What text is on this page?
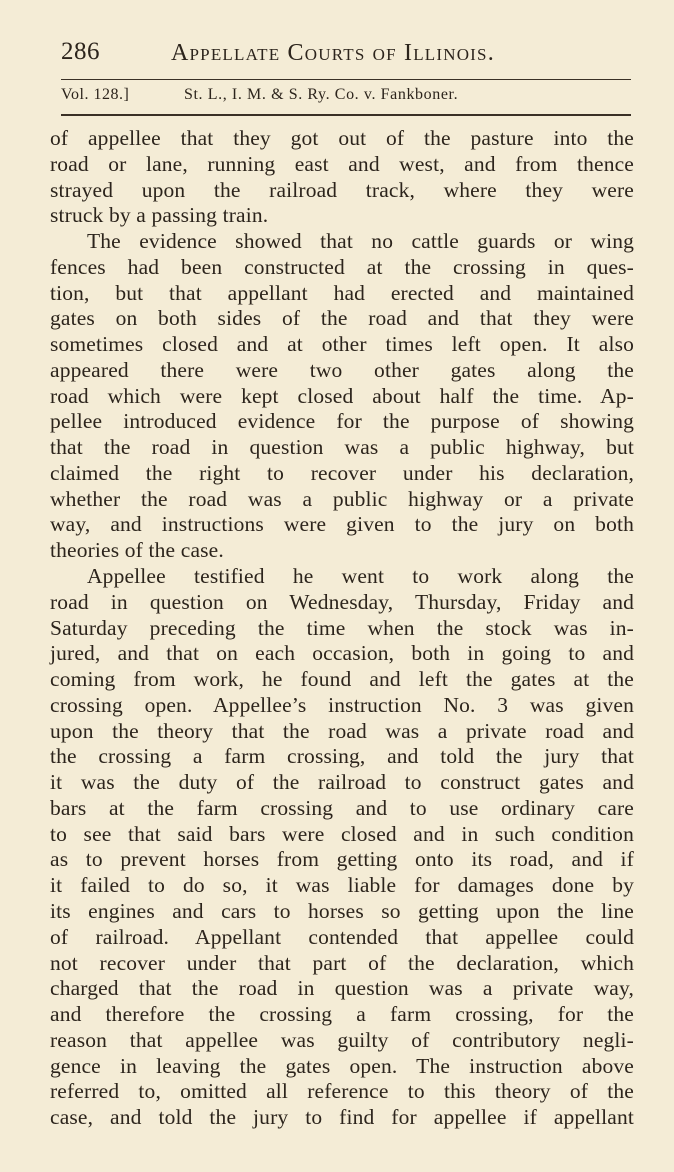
286	Appellate Courts of Illinois.
Vol. 128.]	St. L., I. M. & S. Ry. Co. v. Fankboner.
of appellee that they got out of the pasture into the
road or lane, running east and west, and from thence
strayed upon the railroad track, where they were
struck by a passing train.
The evidence showed that no cattle guards or wing
fences had been constructed at the crossing in ques-
tion, but that appellant had erected and maintained
gates on both sides of the road and that they were
sometimes closed and at other times left open. It also
appeared there were two other gates along the
road which were kept closed about half the time. Ap-
pellee introduced evidence for the purpose of showing
that the road in question was a public highway, but
claimed the right to recover under his declaration,
whether the road was a public highway or a private
way, and instructions were given to the jury on both
theories of the case.
Appellee testified he went to work along the
road in question on Wednesday, Thursday, Friday and
Saturday preceding the time when the stock was in-
jured, and that on each occasion, both in going to and
coming from work, he found and left the gates at the
crossing open. Appellee’s instruction No. 3 was given
upon the theory that the road was a private road and
the crossing a farm crossing, and told the jury that
it was the duty of the railroad to construct gates and
bars at the farm crossing and to use ordinary care
to see that said bars were closed and in such condition
as to prevent horses from getting onto its road, and if
it failed to do so, it was liable for damages done by
its engines and cars to horses so getting upon the line
of railroad. Appellant contended that appellee could
not recover under that part of the declaration, which
charged that the road in question was a private way,
and therefore the crossing a farm crossing, for the
reason that appellee was guilty of contributory negli-
gence in leaving the gates open. The instruction above
referred to, omitted all reference to this theory of the
case, and told the jury to find for appellee if appellant
